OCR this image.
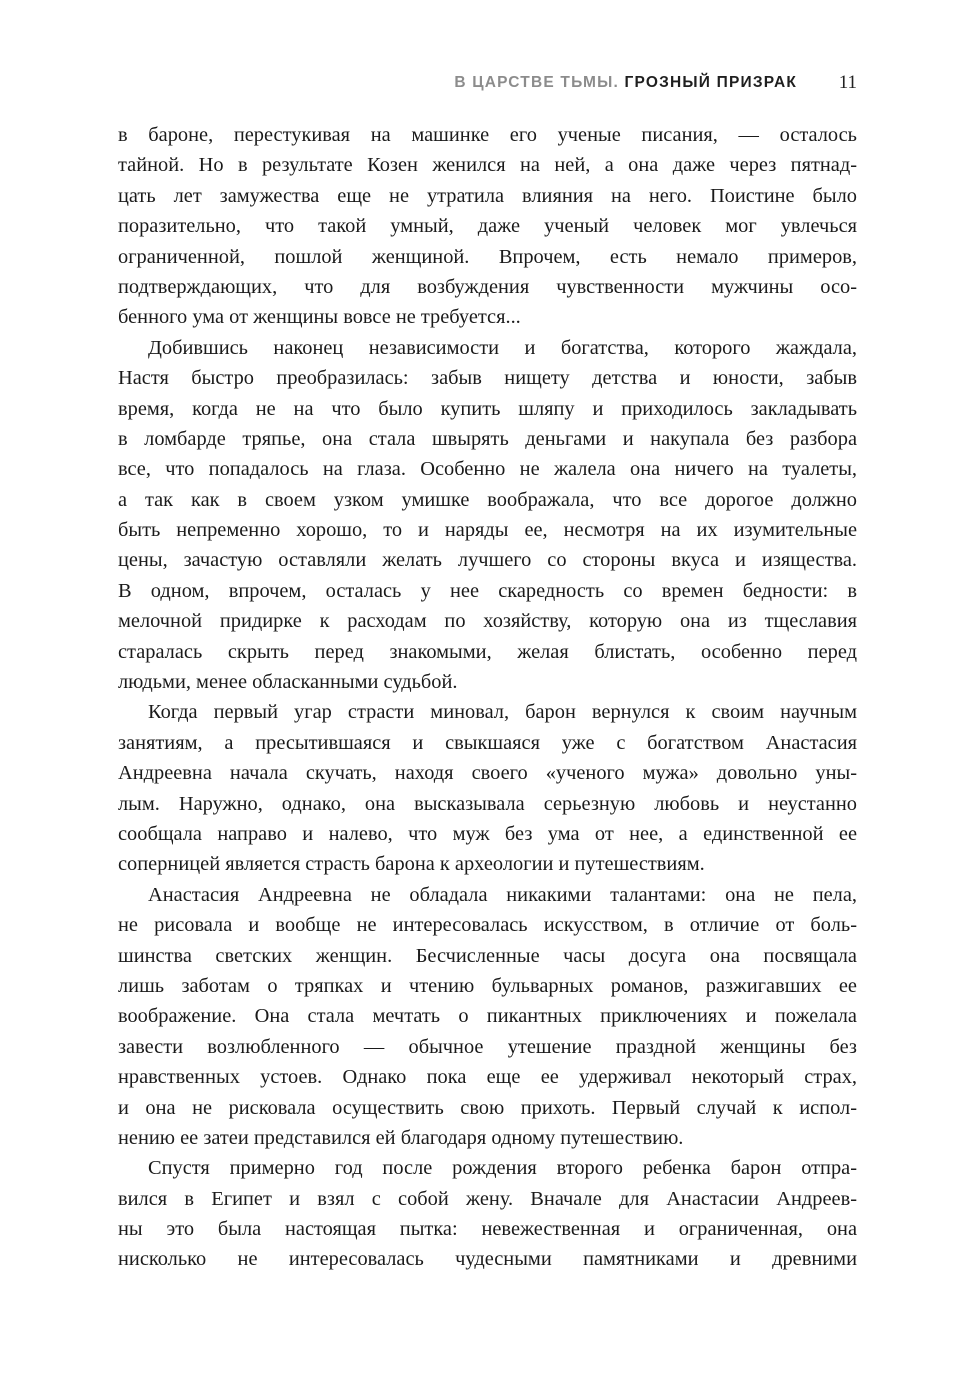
В ЦАРСТВЕ ТЬМЫ. ГРОЗНЫЙ ПРИЗРАК 11
в бароне, перестукивая на машинке его ученые писания, — осталось
тайной. Но в результате Козен женился на ней, а она даже через пятнад-
цать лет замужества еще не утратила влияния на него. Поистине было
поразительно, что такой умный, даже ученый человек мог увлечься
ограниченной, пошлой женщиной. Впрочем, есть немало примеров,
подтверждающих, что для возбуждения чувственности мужчины осо-
бенного ума от женщины вовсе не требуется...
Добившись наконец независимости и богатства, которого жаждала,
Настя быстро преобразилась: забыв нищету детства и юности, забыв
время, когда не на что было купить шляпу и приходилось закладывать
в ломбарде тряпье, она стала швырять деньгами и накупала без разбора
все, что попадалось на глаза. Особенно не жалела она ничего на туалеты,
а так как в своем узком умишке воображала, что все дорогое должно
быть непременно хорошо, то и наряды ее, несмотря на их изумительные
цены, зачастую оставляли желать лучшего со стороны вкуса и изящества.
В одном, впрочем, осталась у нее скаредность со времен бедности: в
мелочной придирке к расходам по хозяйству, которую она из тщеславия
старалась скрыть перед знакомыми, желая блистать, особенно перед
людьми, менее обласканными судьбой.
Когда первый угар страсти миновал, барон вернулся к своим научным
занятиям, а пресытившаяся и свыкшаяся уже с богатством Анастасия
Андреевна начала скучать, находя своего «ученого мужа» довольно уны-
лым. Наружно, однако, она высказывала серьезную любовь и неустанно
сообщала направо и налево, что муж без ума от нее, а единственной ее
соперницей является страсть барона к археологии и путешествиям.
Анастасия Андреевна не обладала никакими талантами: она не пела,
не рисовала и вообще не интересовалась искусством, в отличие от боль-
шинства светских женщин. Бесчисленные часы досуга она посвящала
лишь заботам о тряпках и чтению бульварных романов, разжигавших ее
воображение. Она стала мечтать о пикантных приключениях и пожелала
завести возлюбленного — обычное утешение праздной женщины без
нравственных устоев. Однако пока еще ее удерживал некоторый страх,
и она не рисковала осуществить свою прихоть. Первый случай к испол-
нению ее затеи представился ей благодаря одному путешествию.
Спустя примерно год после рождения второго ребенка барон отпра-
вился в Египет и взял с собой жену. Вначале для Анастасии Андреев-
ны это была настоящая пытка: невежественная и ограниченная, она
нисколько не интересовалась чудесными памятниками и древними
